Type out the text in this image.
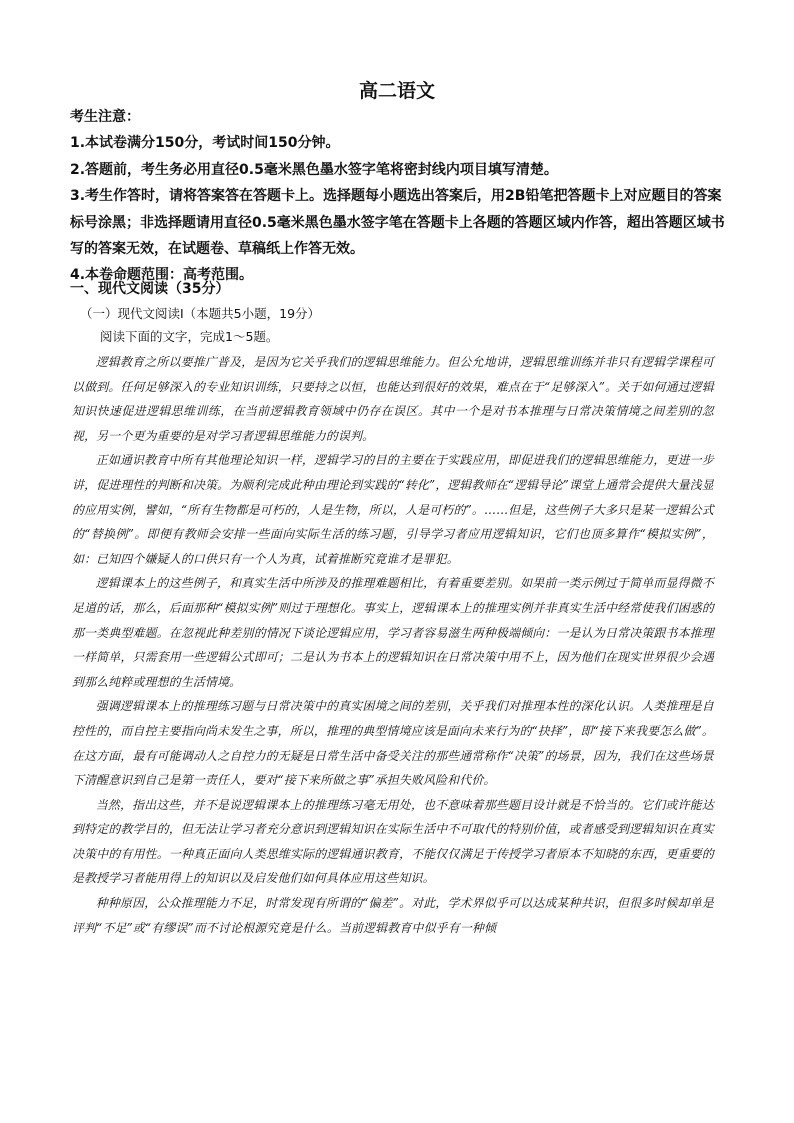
高二语文
考生注意：
1.本试卷满分150分，考试时间150分钟。
2.答题前，考生务必用直径0.5毫米黑色墨水签字笔将密封线内项目填写清楚。
3.考生作答时，请将答案答在答题卡上。选择题每小题选出答案后，用2B铅笔把答题卡上对应题目的答案标号涂黑；非选择题请用直径0.5毫米黑色墨水签字笔在答题卡上各题的答题区域内作答，超出答题区域书写的答案无效，在试题卷、草稿纸上作答无效。
4.本卷命题范围：高考范围。
一、现代文阅读（35分）
（一）现代文阅读Ⅰ（本题共5小题，19分）
阅读下面的文字，完成1～5题。

逻辑教育之所以要推广普及，是因为它关乎我们的逻辑思维能力。但公允地讲，逻辑思维训练并非只有逻辑学课程可以做到。任何足够深入的专业知识训练，只要持之以恒，也能达到很好的效果，难点在于“足够深入”。关于如何通过逻辑知识快速促进逻辑思维训练，在当前逻辑教育领域中仍存在误区。其中一个是对书本推理与日常决策情境之间差别的忽视，另一个更为重要的是对学习者逻辑思维能力的误判。

正如通识教育中所有其他理论知识一样，逻辑学习的目的主要在于实践应用，即促进我们的逻辑思维能力，更进一步讲，促进理性的判断和决策。为顺利完成此种由理论到实践的“转化”，逻辑教师在“逻辑导论”课堂上通常会提供大量浅显的应用实例，譬如，“所有生物都是可朽的，人是生物，所以，人是可朽的”。……但是，这些例子大多只是某一逻辑公式的“替换例”。即便有教师会安排一些面向实际生活的练习题，引导学习者应用逻辑知识，它们也顶多算作“模拟实例”，如：已知四个嫌疑人的口供只有一个人为真，试着推断究竟谁才是罪犯。

逻辑课本上的这些例子，和真实生活中所涉及的推理难题相比，有着重要差别。如果前一类示例过于简单而显得微不足道的话，那么，后面那种“模拟实例”则过于理想化。事实上，逻辑课本上的推理实例并非真实生活中经常使我们困惑的那一类典型难题。在忽视此种差别的情况下谈论逻辑应用，学习者容易滋生两种极端倾向：一是认为日常决策跟书本推理一样简单，只需套用一些逻辑公式即可；二是认为书本上的逻辑知识在日常决策中用不上，因为他们在现实世界很少会遇到那么纯粹或理想的生活情境。

强调逻辑课本上的推理练习题与日常决策中的真实困境之间的差别，关乎我们对推理本性的深化认识。人类推理是自控性的，而自控主要指向尚未发生之事，所以，推理的典型情境应该是面向未来行为的“抉择”，即“接下来我要怎么做”。在这方面，最有可能调动人之自控力的无疑是日常生活中备受关注的那些通常称作“决策”的场景，因为，我们在这些场景下清醒意识到自己是第一责任人，要对“接下来所做之事”承担失败风险和代价。

当然，指出这些，并不是说逻辑课本上的推理练习毫无用处，也不意味着那些题目设计就是不恰当的。它们或许能达到特定的教学目的，但无法让学习者充分意识到逻辑知识在实际生活中不可取代的特别价值，或者感受到逻辑知识在真实决策中的有用性。一种真正面向人类思维实际的逻辑通识教育，不能仅仅满足于传授学习者原本不知晓的东西，更重要的是教授学习者能用得上的知识以及启发他们如何具体应用这些知识。

种种原因，公众推理能力不足，时常发现有所谓的“偏差”。对此，学术界似乎可以达成某种共识，但很多时候却单是评判“不足”或“有缪误”而不讨论根源究竟是什么。当前逻辑教育中似乎有一种倾
